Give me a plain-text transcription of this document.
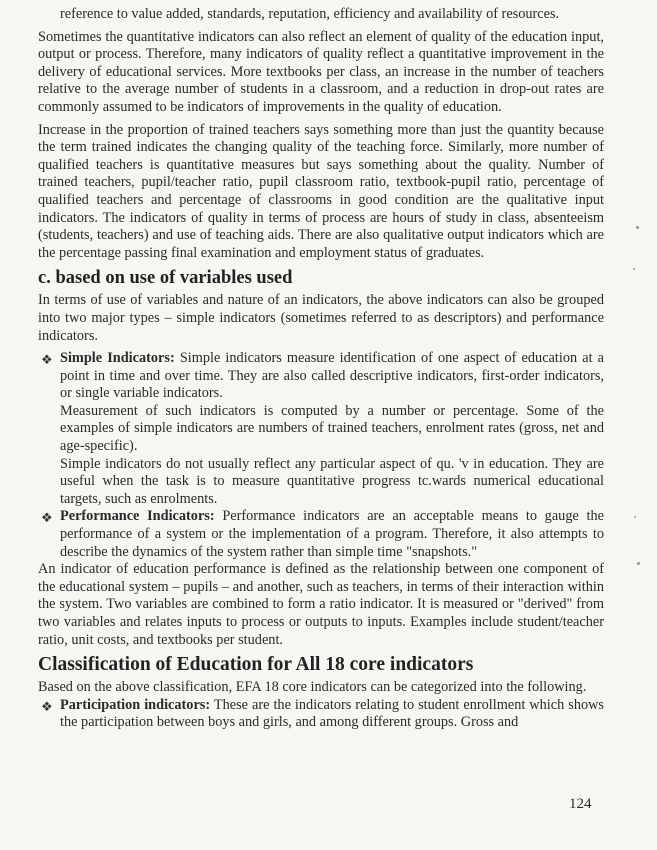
reference to value added, standards, reputation, efficiency and availability of resources.

Sometimes the quantitative indicators can also reflect an element of quality of the education input, output or process. Therefore, many indicators of quality reflect a quantitative improvement in the delivery of educational services. More textbooks per class, an increase in the number of teachers relative to the average number of students in a classroom, and a reduction in drop-out rates are commonly assumed to be indicators of improvements in the quality of education.

Increase in the proportion of trained teachers says something more than just the quantity because the term trained indicates the changing quality of the teaching force. Similarly, more number of qualified teachers is quantitative measures but says something about the quality. Number of trained teachers, pupil/teacher ratio, pupil classroom ratio, textbook-pupil ratio, percentage of qualified teachers and percentage of classrooms in good condition are the qualitative input indicators. The indicators of quality in terms of process are hours of study in class, absenteeism (students, teachers) and use of teaching aids. There are also qualitative output indicators which are the percentage passing final examination and employment status of graduates.

c. based on use of variables used

In terms of use of variables and nature of an indicators, the above indicators can also be grouped into two major types – simple indicators (sometimes referred to as descriptors) and performance indicators.

❖ Simple Indicators: Simple indicators measure identification of one aspect of education at a point in time and over time. They are also called descriptive indicators, first-order indicators, or single variable indicators.

Measurement of such indicators is computed by a number or percentage. Some of the examples of simple indicators are numbers of trained teachers, enrolment rates (gross, net and age-specific).

Simple indicators do not usually reflect any particular aspect of qu. 'v in education. They are useful when the task is to measure quantitative progress tc.wards numerical educational targets, such as enrolments.

❖ Performance Indicators: Performance indicators are an acceptable means to gauge the performance of a system or the implementation of a program. Therefore, it also attempts to describe the dynamics of the system rather than simple time "snapshots."

An indicator of education performance is defined as the relationship between one component of the educational system – pupils – and another, such as teachers, in terms of their interaction within the system. Two variables are combined to form a ratio indicator. It is measured or "derived" from two variables and relates inputs to process or outputs to inputs. Examples include student/teacher ratio, unit costs, and textbooks per student.

Classification of Education for All 18 core indicators

Based on the above classification, EFA 18 core indicators can be categorized into the following.

❖ Participation indicators: These are the indicators relating to student enrollment which shows the participation between boys and girls, and among different groups. Gross and
124
